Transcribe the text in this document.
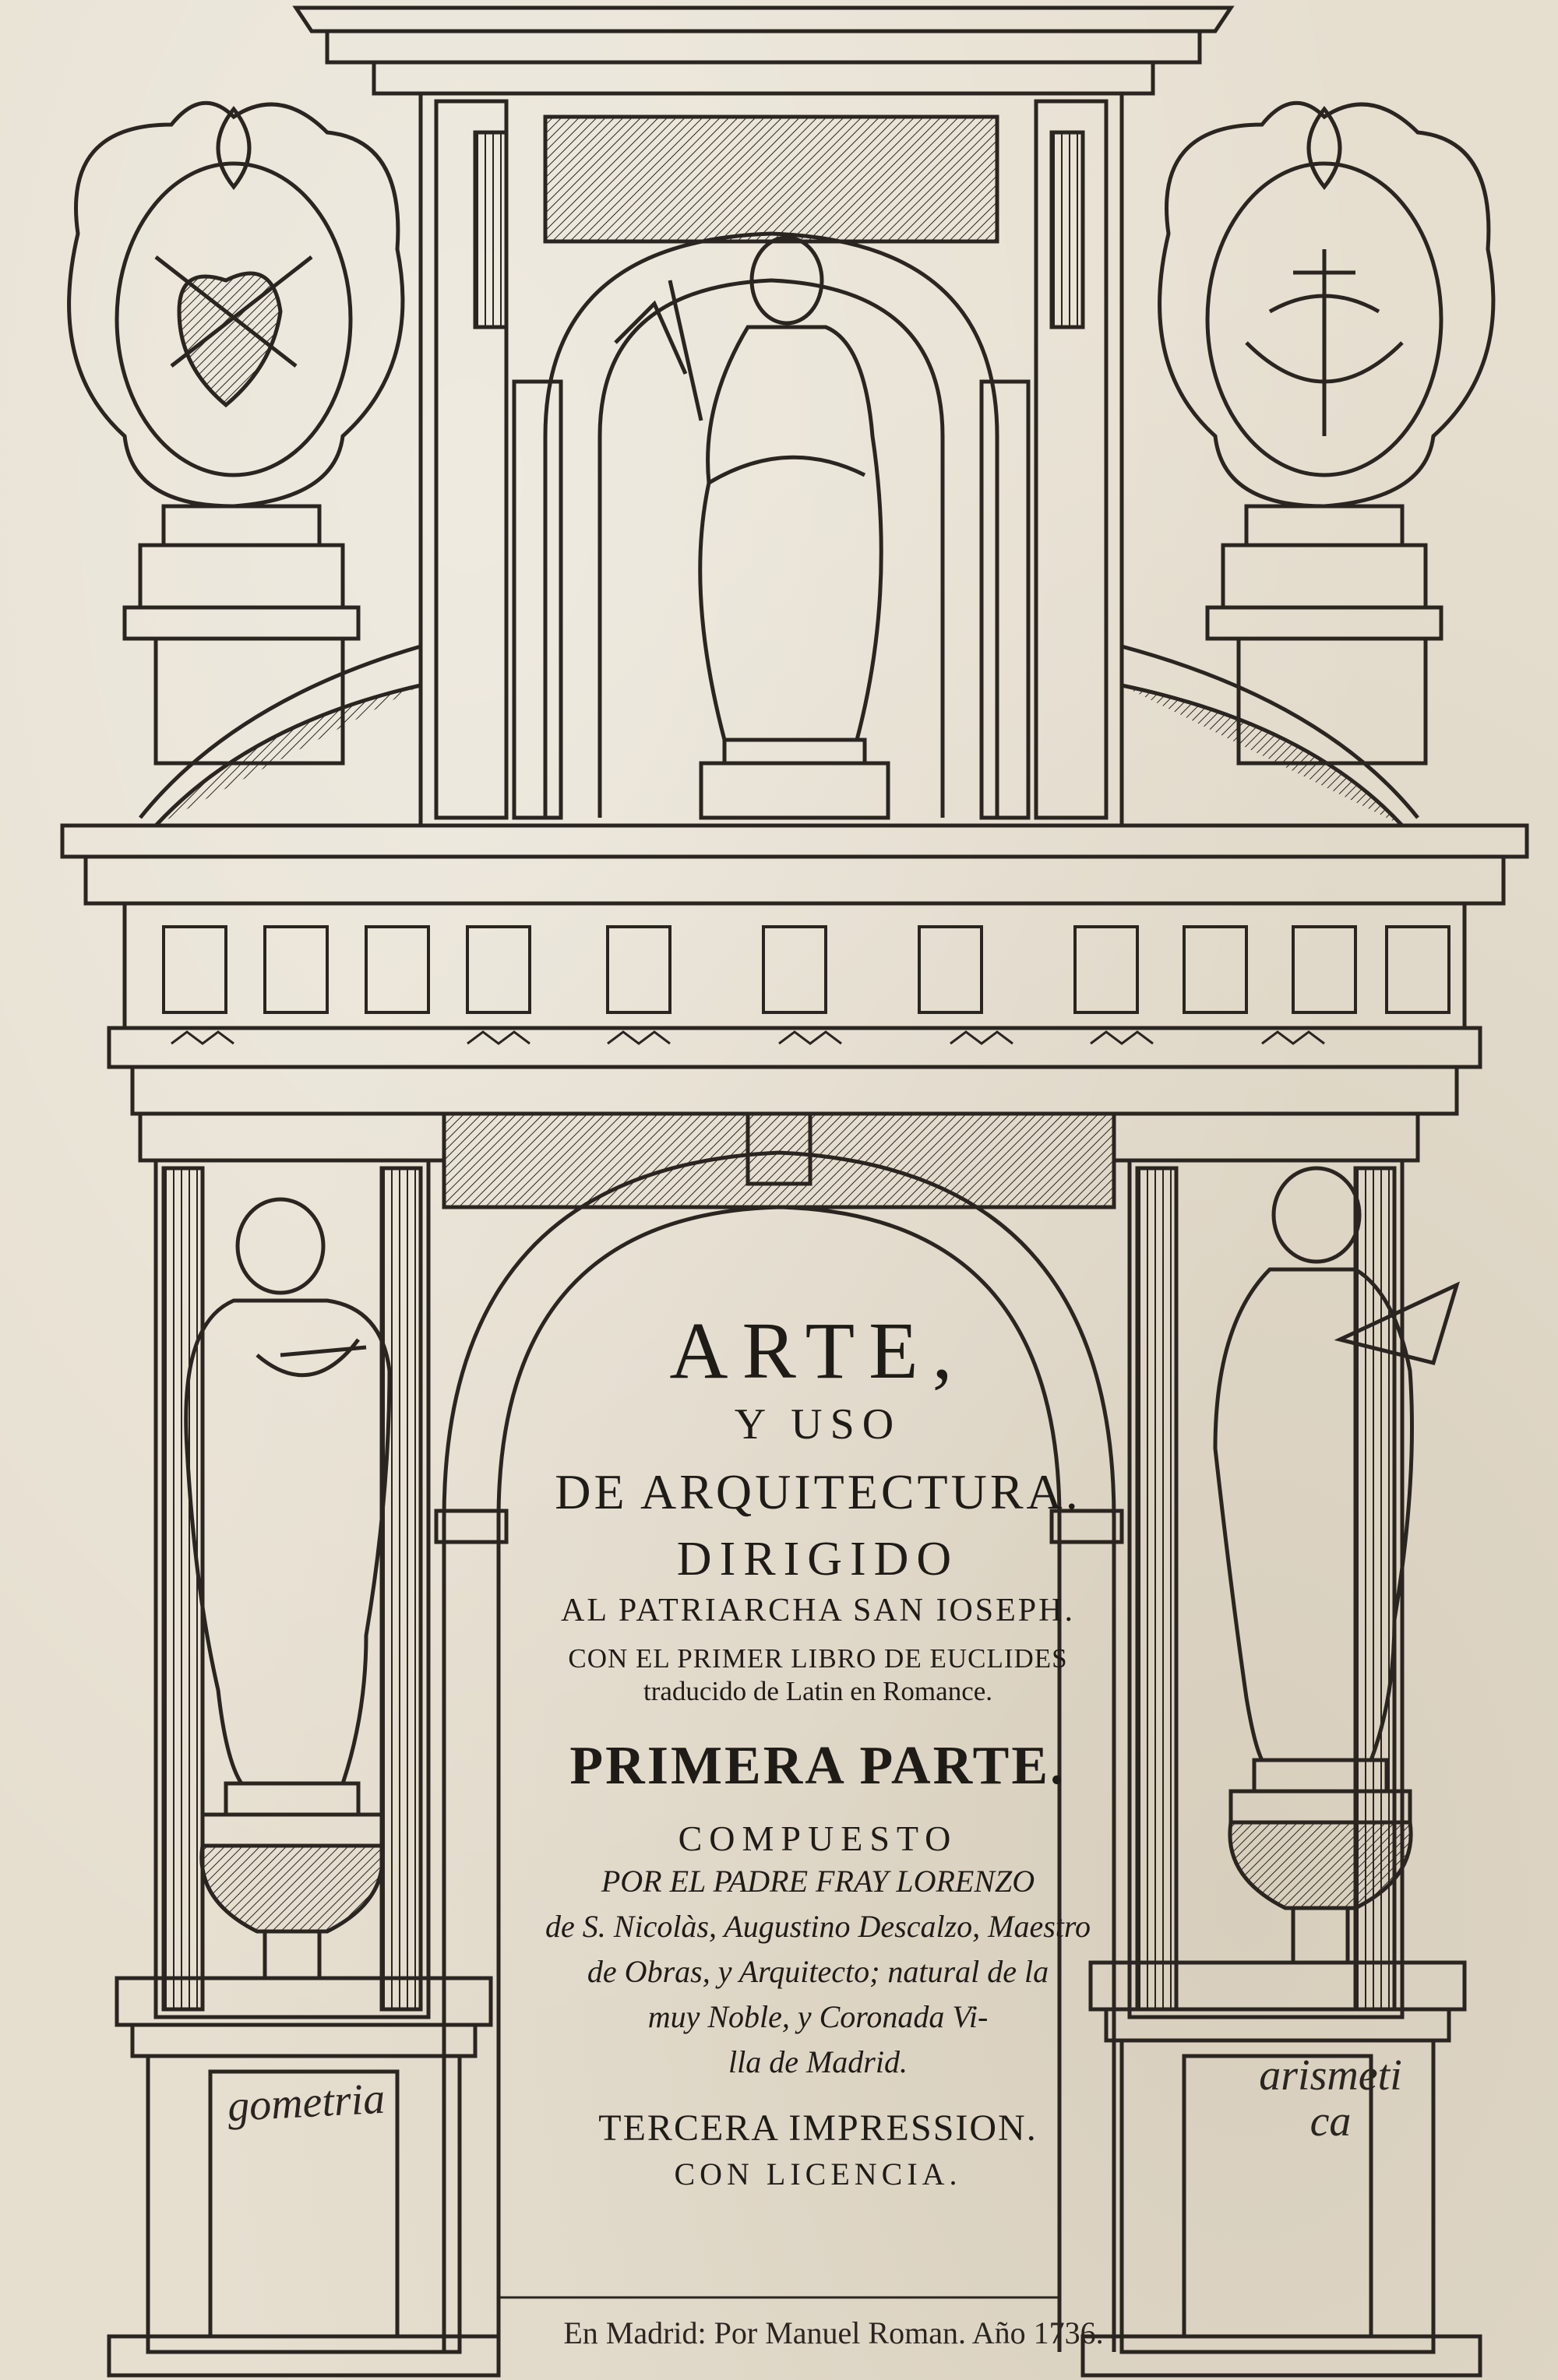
ARTE,
Y USO
DE ARQUITECTURA.
DIRIGIDO
AL PATRIARCHA SAN IOSEPH.
CON EL PRIMER LIBRO DE EUCLIDES
traducido de Latin en Romance.
PRIMERA PARTE.
COMPUESTO
POR EL PADRE FRAY LORENZO
de S. Nicolàs, Augustino Descalzo, Maestro
de Obras, y Arquitecto; natural de la
muy Noble, y Coronada Vi-
lla de Madrid.
TERCERA IMPRESSION.
CON LICENCIA.
En Madrid: Por Manuel Roman. Año 1736.
gometria	arismeti
ca
